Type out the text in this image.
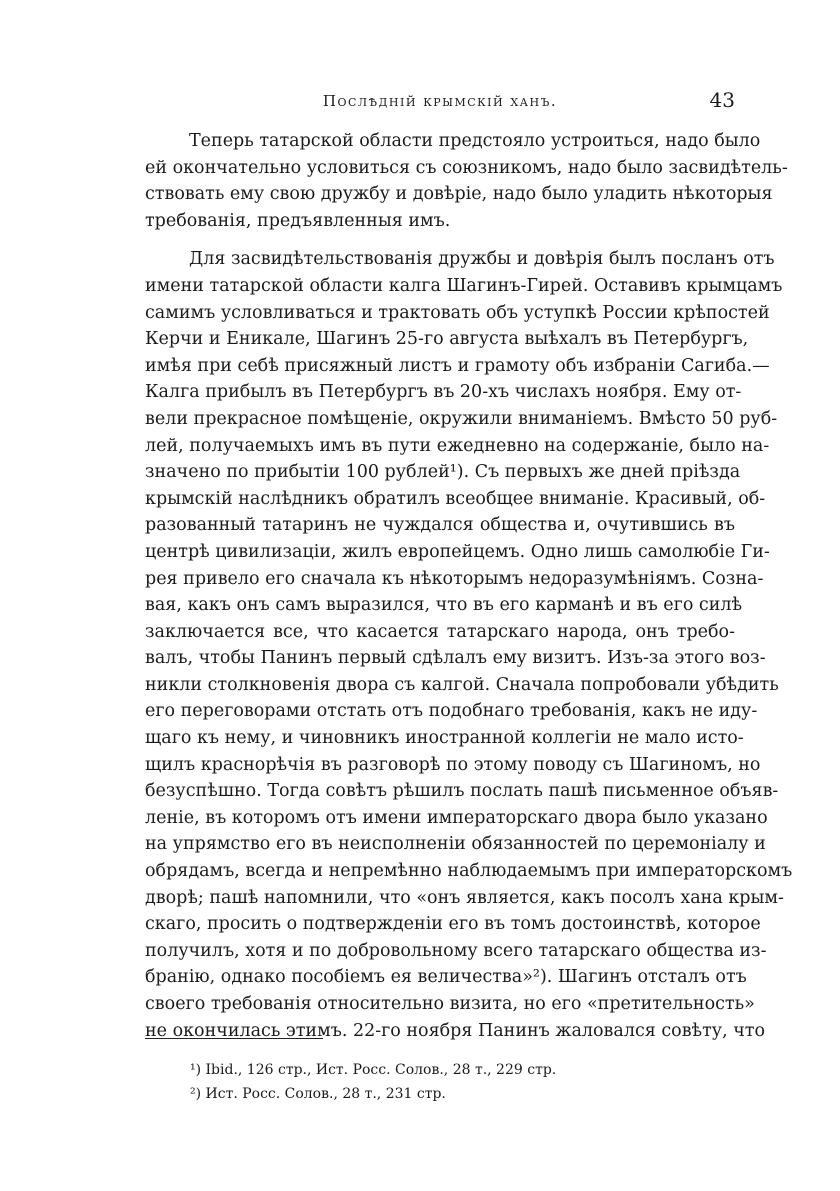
Послѣдній крымскій ханъ.	43
Теперь татарской области предстояло устроиться, надо было
ей окончательно условиться съ союзникомъ, надо было засвидѣтель-
ствовать ему свою дружбу и довѣріе, надо было уладить нѣкоторыя
требованія, предъявленныя имъ.
Для засвидѣтельствованія дружбы и довѣрія былъ посланъ отъ
имени татарской области калга Шагинъ-Гирей. Оставивъ крымцамъ
самимъ условливаться и трактовать объ уступкѣ России крѣпостей
Керчи и Еникале, Шагинъ 25-го августа выѣхалъ въ Петербургъ,
имѣя при себѣ присяжный листъ и грамоту объ избраніи Сагиба.—
Калга прибылъ въ Петербургъ въ 20-хъ числахъ ноября. Ему от-
вели прекрасное помѣщеніе, окружили вниманіемъ. Вмѣсто 50 руб-
лей, получаемыхъ имъ въ пути ежедневно на содержаніе, было на-
значено по прибытіи 100 рублей¹). Съ первыхъ же дней пріѣзда
крымскій наслѣдникъ обратилъ всеобщее вниманіе. Красивый, об-
разованный татаринъ не чуждался общества и, очутившись въ
центрѣ цивилизаціи, жилъ европейцемъ. Одно лишь самолюбіе Ги-
рея привело его сначала къ нѣкоторымъ недоразумѣніямъ. Сознa-
вая, какъ онъ самъ выразился, что въ его карманѣ и въ его силѣ
заключается все, что касается татарскаго народа, онъ требо-
валъ, чтобы Панинъ первый сдѣлалъ ему визитъ. Изъ-за этого воз-
никли столкновенія двора съ калгой. Сначала попробовали убѣдить
его переговорами отстать отъ подобнаго требованія, какъ не иду-
щаго къ нему, и чиновникъ иностранной коллегіи не мало исто-
щилъ краснорѣчія въ разговорѣ по этому поводу съ Шагиномъ, но
безуспѣшно. Тогда совѣтъ рѣшилъ послать пашѣ письменное объяв-
леніе, въ которомъ отъ имени императорскаго двора было указано
на упрямство его въ неисполненіи обязанностей по церемоніалу и
обрядамъ, всегда и непремѣнно наблюдаемымъ при императорскомъ
дворѣ; пашѣ напомнили, что «онъ является, какъ посолъ хана крым-
скаго, просить о подтвержденіи его въ томъ достоинствѣ, которое
получилъ, хотя и по добровольному всего татарскаго общества из-
бранію, однако пособіемъ ея величества»²). Шагинъ отсталъ отъ
своего требованія относительно визита, но его «претительность»
не окончилась этимъ. 22-го ноября Панинъ жаловался совѣту, что
¹) Ibid., 126 стр., Ист. Росс. Солов., 28 т., 229 стр.
²) Ист. Росс. Солов., 28 т., 231 стр.
